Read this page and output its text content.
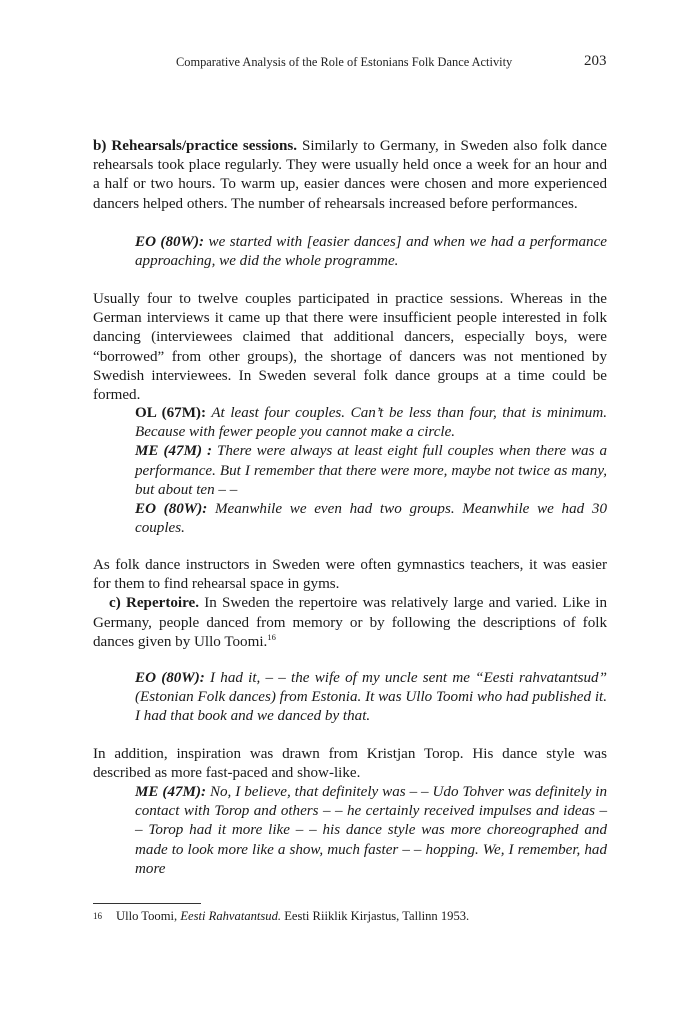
Comparative Analysis of the Role of Estonians Folk Dance Activity	203

b) Rehearsals/practice sessions. Similarly to Germany, in Sweden also folk dance rehearsals took place regularly. They were usually held once a week for an hour and a half or two hours. To warm up, easier dances were chosen and more experienced dancers helped others. The number of rehearsals increased before performances.

EO (80W): we started with [easier dances] and when we had a performance approaching, we did the whole programme.

Usually four to twelve couples participated in practice sessions. Whereas in the German interviews it came up that there were insufficient people interested in folk dancing (interviewees claimed that additional dancers, especially boys, were “borrowed” from other groups), the shortage of dancers was not mentioned by Swedish interviewees. In Sweden several folk dance groups at a time could be formed.

OL (67M): At least four couples. Can’t be less than four, that is minimum. Because with fewer people you cannot make a circle.

ME (47M) : There were always at least eight full couples when there was a performance. But I remember that there were more, maybe not twice as many, but about ten – –

EO (80W): Meanwhile we even had two groups. Meanwhile we had 30 couples.

As folk dance instructors in Sweden were often gymnastics teachers, it was easier for them to find rehearsal space in gyms.

c) Repertoire. In Sweden the repertoire was relatively large and varied. Like in Germany, people danced from memory or by following the descriptions of folk dances given by Ullo Toomi.$^{16}$

EO (80W): I had it, – – the wife of my uncle sent me “Eesti rahvatantsud” (Estonian Folk dances) from Estonia. It was Ullo Toomi who had published it. I had that book and we danced by that.

In addition, inspiration was drawn from Kristjan Torop. His dance style was described as more fast-paced and show-like.

ME (47M): No, I believe, that definitely was – – Udo Tohver was definitely in contact with Torop and others – – he certainly received impulses and ideas – – Torop had it more like – – his dance style was more choreographed and made to look more like a show, much faster – – hopping. We, I remember, had more

16 Ullo Toomi, Eesti Rahvatantsud. Eesti Riiklik Kirjastus, Tallinn 1953.
